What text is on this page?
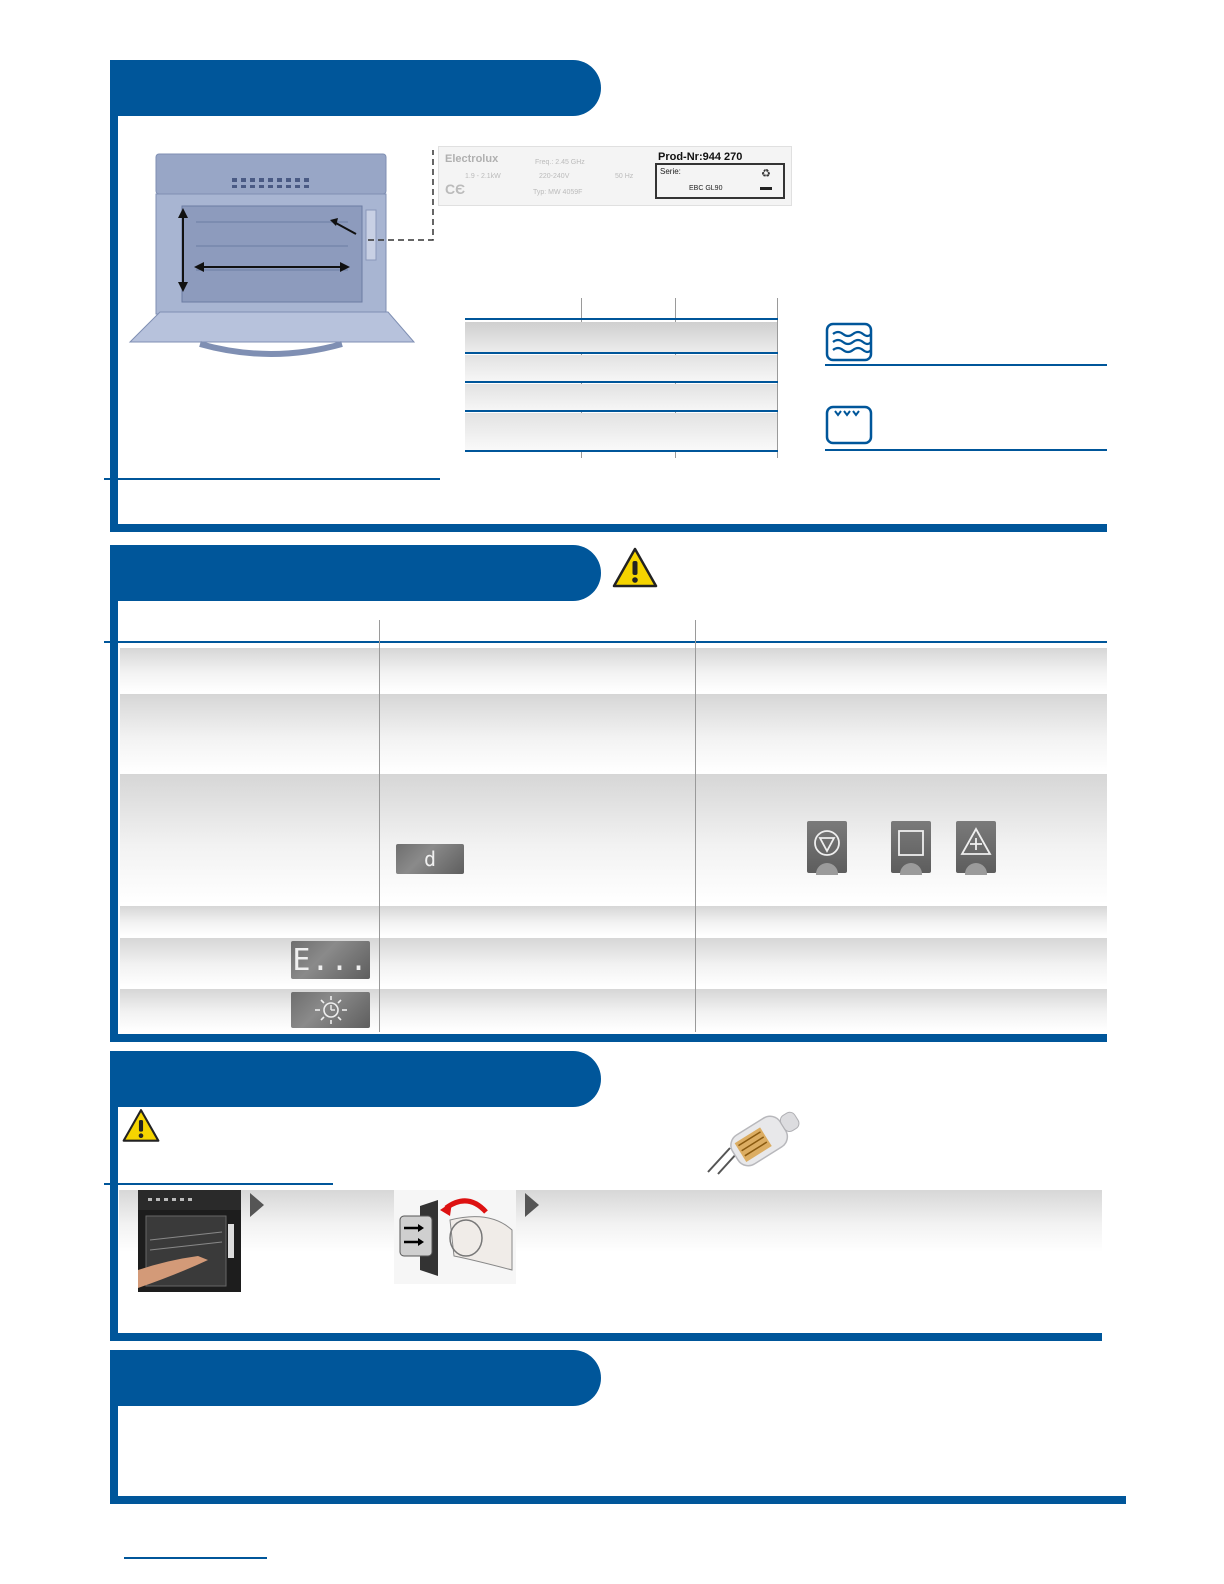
Electrolux
1.9 - 2.1kW
Freq.: 2.45 GHz
220-240V	50 Hz
Typ: MW 4059F
CЄ
Serie:
EBC GL90
♻
Prod-Nr:944 270
d
E...
